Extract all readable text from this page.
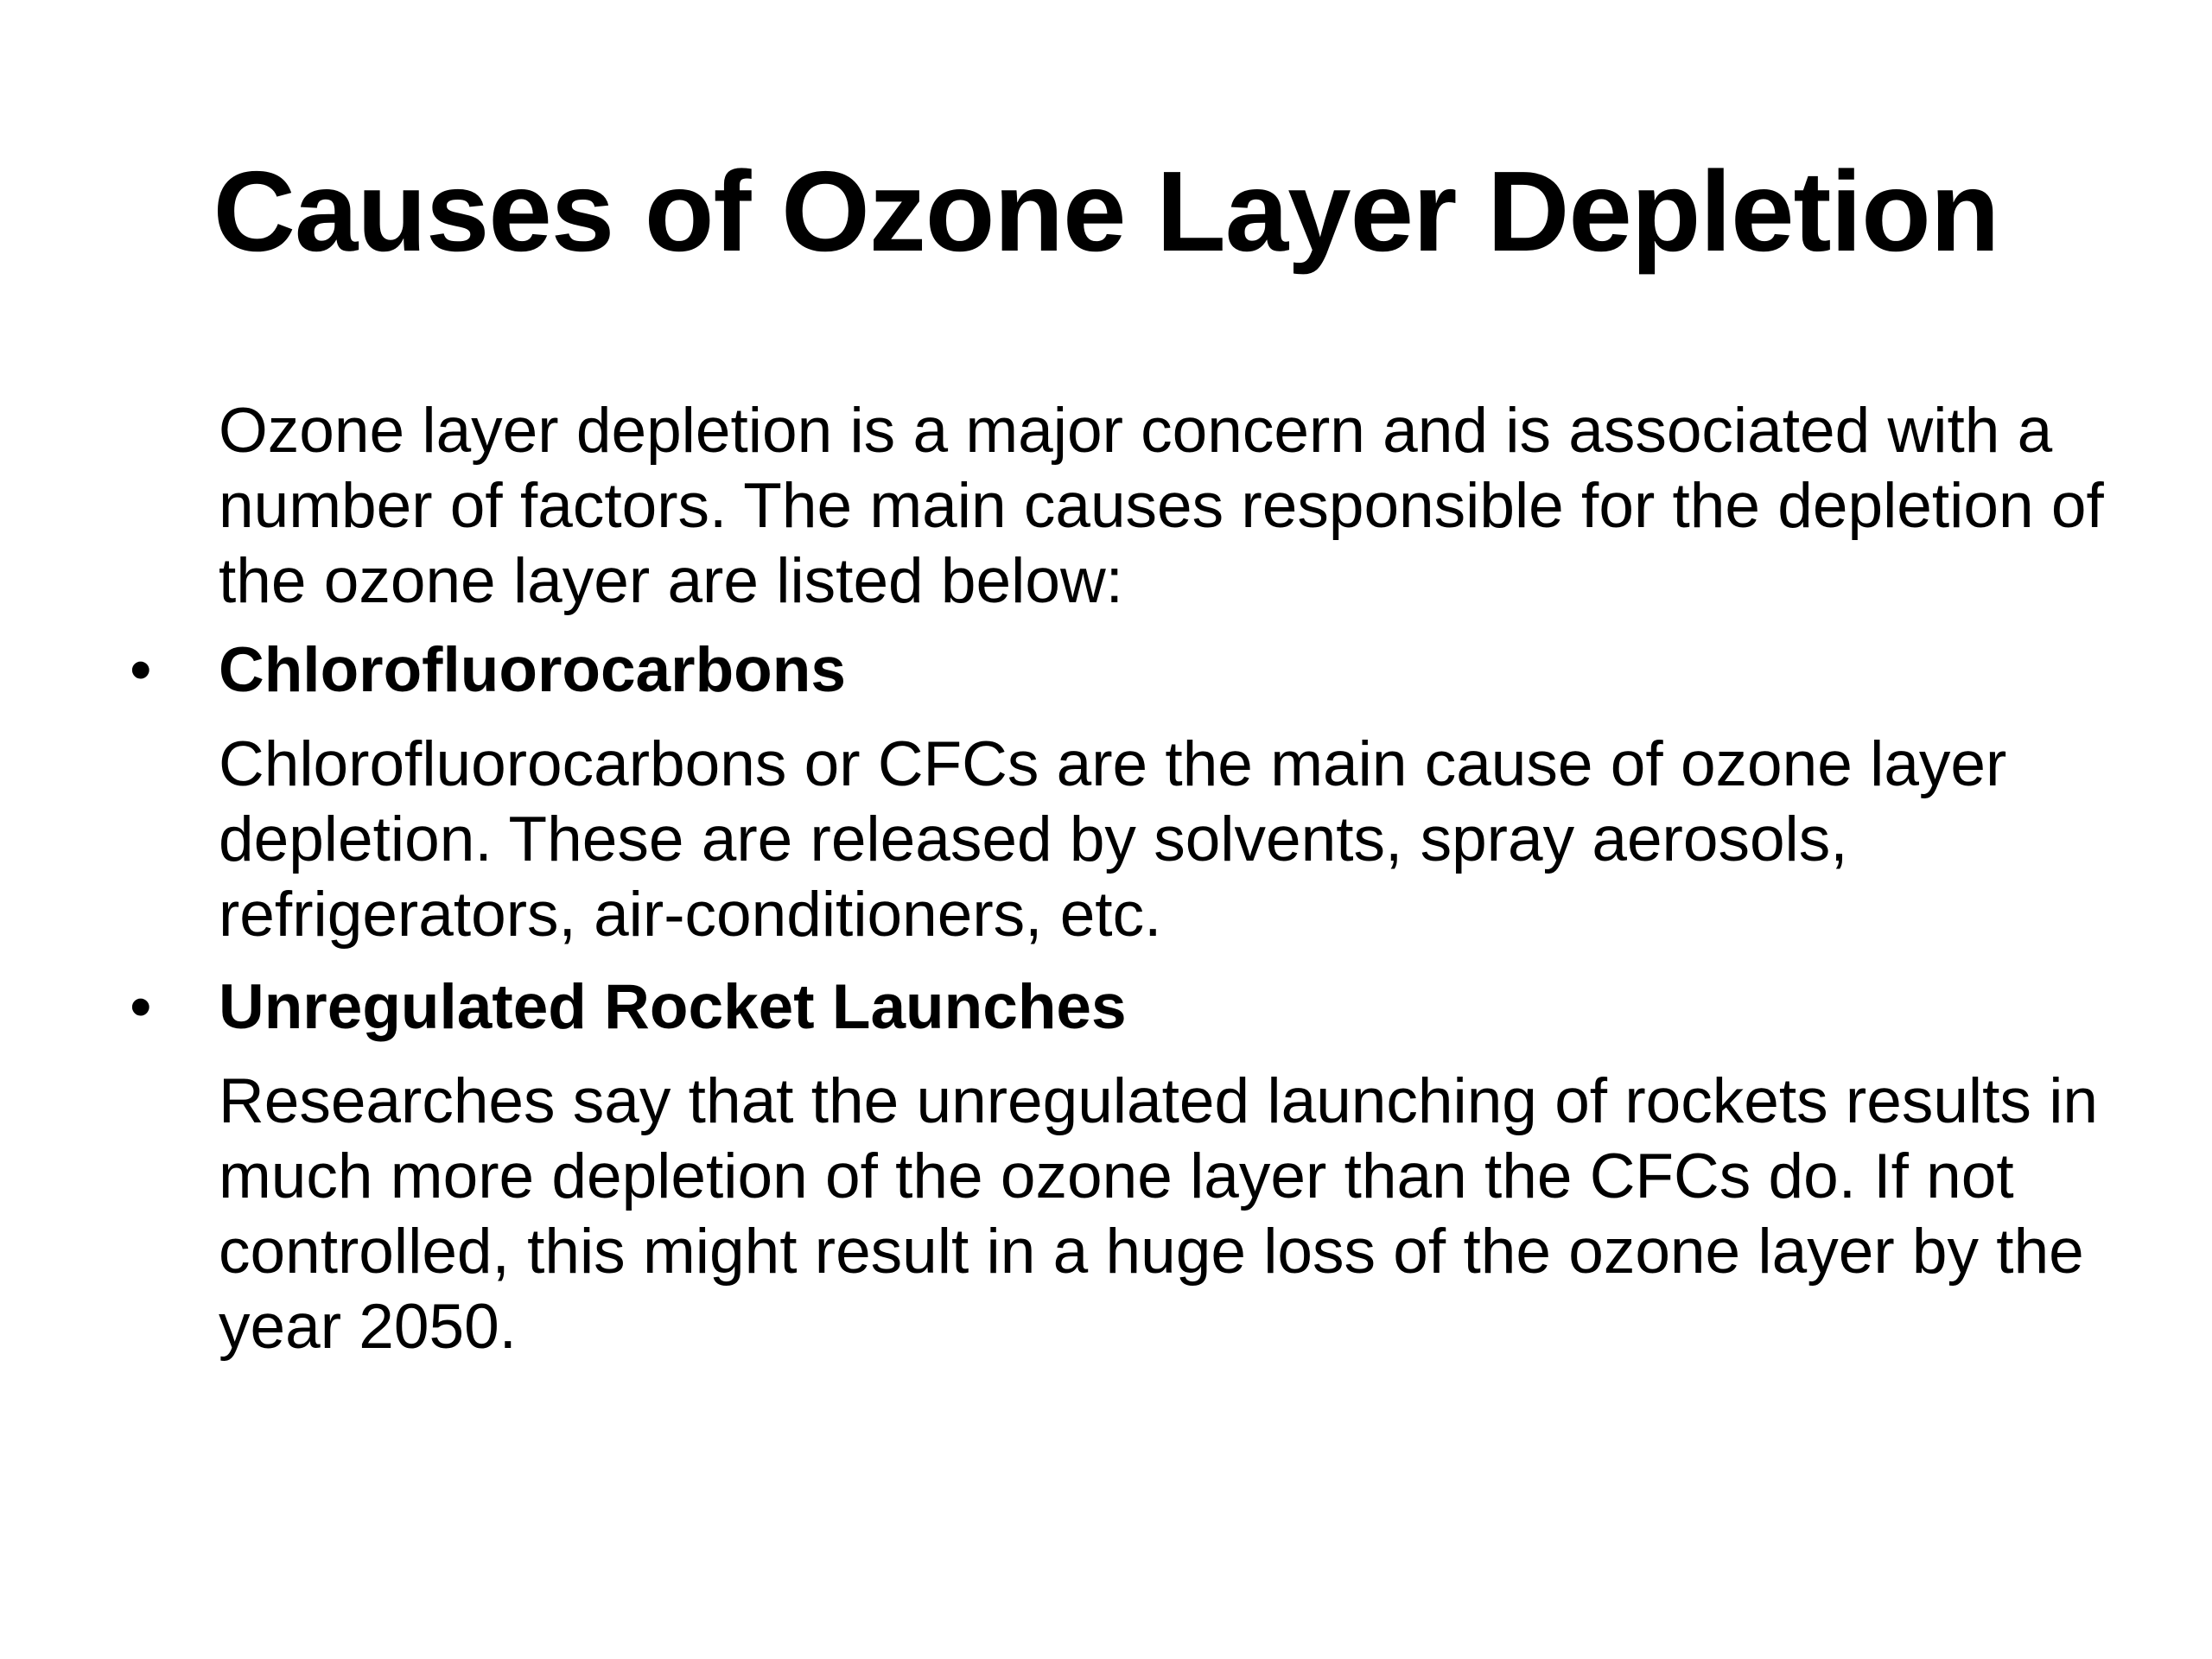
Causes of Ozone Layer Depletion

Ozone layer depletion is a major concern and is associated with a number of factors. The main causes responsible for the depletion of the ozone layer are listed below:

•	Chlorofluorocarbons

Chlorofluorocarbons or CFCs are the main cause of ozone layer depletion. These are released by solvents, spray aerosols, refrigerators, air-conditioners, etc.

•	Unregulated Rocket Launches

Researches say that the unregulated launching of rockets results in much more depletion of the ozone layer than the CFCs do. If not controlled, this might result in a huge loss of the ozone layer by the year 2050.
